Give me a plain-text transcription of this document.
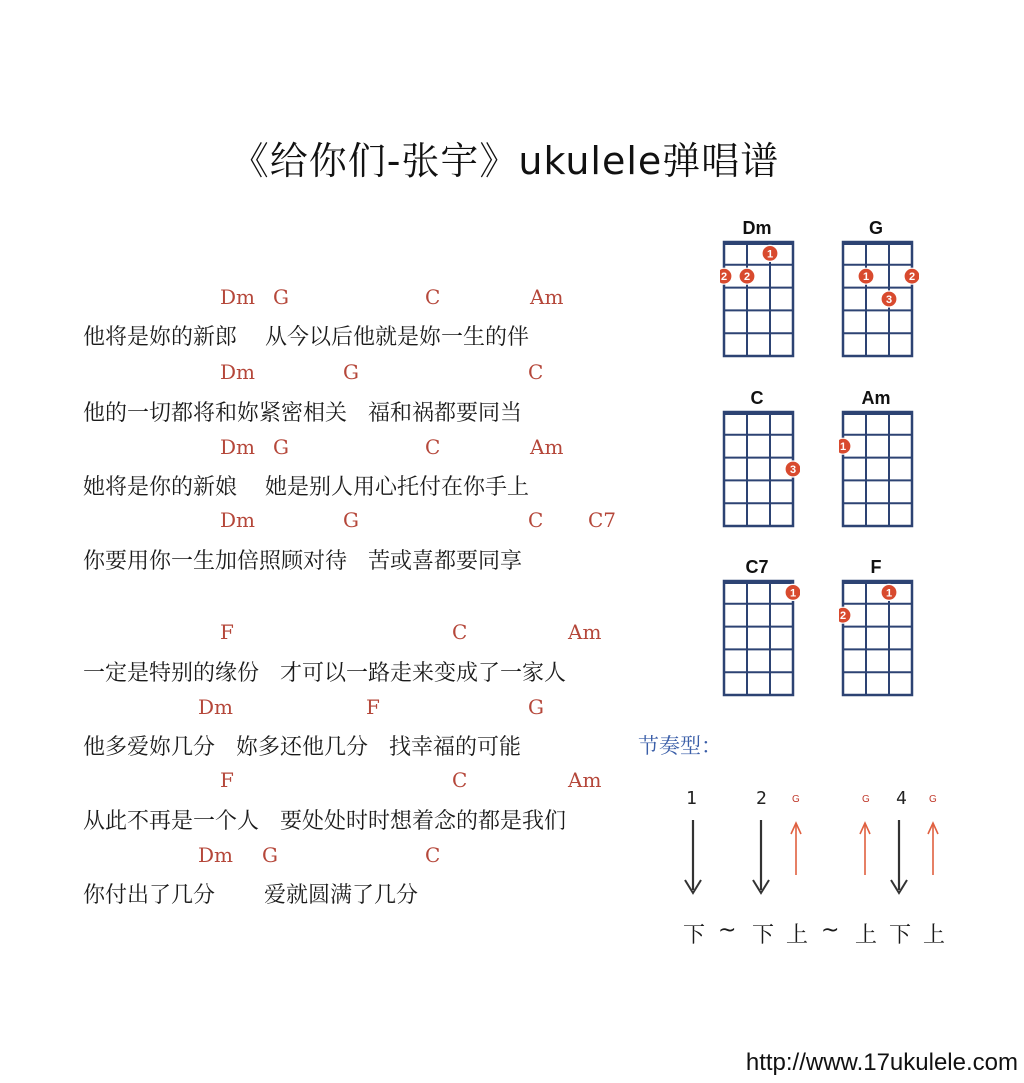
《给你们-张宇》ukulele弹唱谱
Dm G	C	Am
他将是妳的新郎    从今以后他就是妳一生的伴
Dm	G	C
他的一切都将和妳紧密相关   福和祸都要同当
Dm G	C	Am
她将是你的新娘    她是别人用心托付在你手上
Dm	G	C C7
你要用你一生加倍照顾对待   苦或喜都要同享
F	C	Am
一定是特别的缘份   才可以一路走来变成了一家人
Dm	F	G
他多爱妳几分   妳多还他几分   找幸福的可能
F	C	Am
从此不再是一个人   要处处时时想着念的都是我们
Dm G	C
你付出了几分       爱就圆满了几分
Dm
1
2 2
G
1	2
3
C
3
Am
1
C7
1
F
1
2
节奏型：
1	2	G	G 4 G
下 ~ 下 上 ~ 上 下 上
http://www.17ukulele.com
